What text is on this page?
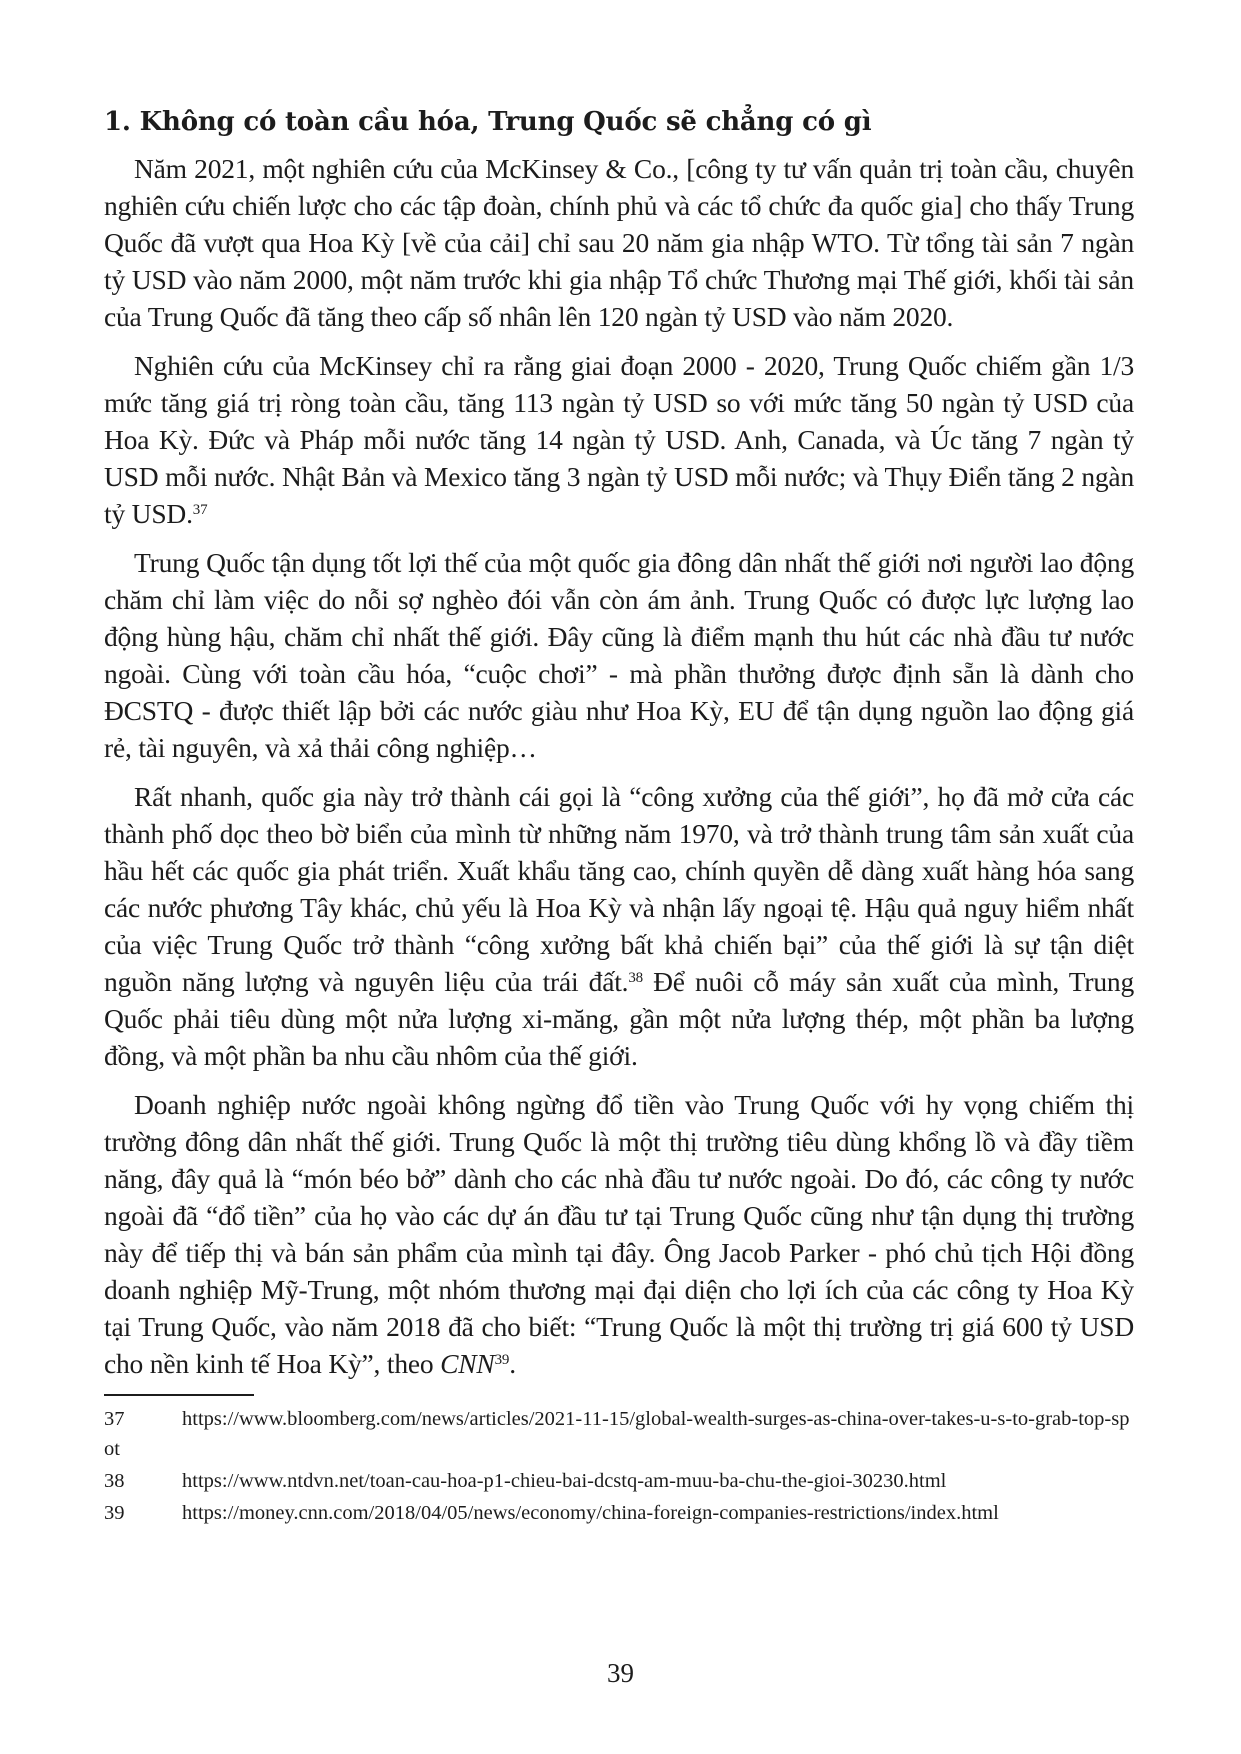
1. Không có toàn cầu hóa, Trung Quốc sẽ chẳng có gì

Năm 2021, một nghiên cứu của McKinsey & Co., [công ty tư vấn quản trị toàn cầu, chuyên nghiên cứu chiến lược cho các tập đoàn, chính phủ và các tổ chức đa quốc gia] cho thấy Trung Quốc đã vượt qua Hoa Kỳ [về của cải] chỉ sau 20 năm gia nhập WTO. Từ tổng tài sản 7 ngàn tỷ USD vào năm 2000, một năm trước khi gia nhập Tổ chức Thương mại Thế giới, khối tài sản của Trung Quốc đã tăng theo cấp số nhân lên 120 ngàn tỷ USD vào năm 2020.

Nghiên cứu của McKinsey chỉ ra rằng giai đoạn 2000 - 2020, Trung Quốc chiếm gần 1/3 mức tăng giá trị ròng toàn cầu, tăng 113 ngàn tỷ USD so với mức tăng 50 ngàn tỷ USD của Hoa Kỳ. Đức và Pháp mỗi nước tăng 14 ngàn tỷ USD. Anh, Canada, và Úc tăng 7 ngàn tỷ USD mỗi nước. Nhật Bản và Mexico tăng 3 ngàn tỷ USD mỗi nước; và Thụy Điển tăng 2 ngàn tỷ USD.$^{37}$

Trung Quốc tận dụng tốt lợi thế của một quốc gia đông dân nhất thế giới nơi người lao động chăm chỉ làm việc do nỗi sợ nghèo đói vẫn còn ám ảnh. Trung Quốc có được lực lượng lao động hùng hậu, chăm chỉ nhất thế giới. Đây cũng là điểm mạnh thu hút các nhà đầu tư nước ngoài. Cùng với toàn cầu hóa, “cuộc chơi” - mà phần thưởng được định sẵn là dành cho ĐCSTQ - được thiết lập bởi các nước giàu như Hoa Kỳ, EU để tận dụng nguồn lao động giá rẻ, tài nguyên, và xả thải công nghiệp…

Rất nhanh, quốc gia này trở thành cái gọi là “công xưởng của thế giới”, họ đã mở cửa các thành phố dọc theo bờ biển của mình từ những năm 1970, và trở thành trung tâm sản xuất của hầu hết các quốc gia phát triển. Xuất khẩu tăng cao, chính quyền dễ dàng xuất hàng hóa sang các nước phương Tây khác, chủ yếu là Hoa Kỳ và nhận lấy ngoại tệ. Hậu quả nguy hiểm nhất của việc Trung Quốc trở thành “công xưởng bất khả chiến bại” của thế giới là sự tận diệt nguồn năng lượng và nguyên liệu của trái đất.$^{38}$ Để nuôi cỗ máy sản xuất của mình, Trung Quốc phải tiêu dùng một nửa lượng xi-măng, gần một nửa lượng thép, một phần ba lượng đồng, và một phần ba nhu cầu nhôm của thế giới.

Doanh nghiệp nước ngoài không ngừng đổ tiền vào Trung Quốc với hy vọng chiếm thị trường đông dân nhất thế giới. Trung Quốc là một thị trường tiêu dùng khổng lồ và đầy tiềm năng, đây quả là “món béo bở” dành cho các nhà đầu tư nước ngoài. Do đó, các công ty nước ngoài đã “đổ tiền” của họ vào các dự án đầu tư tại Trung Quốc cũng như tận dụng thị trường này để tiếp thị và bán sản phẩm của mình tại đây. Ông Jacob Parker - phó chủ tịch Hội đồng doanh nghiệp Mỹ-Trung, một nhóm thương mại đại diện cho lợi ích của các công ty Hoa Kỳ tại Trung Quốc, vào năm 2018 đã cho biết: “Trung Quốc là một thị trường trị giá 600 tỷ USD cho nền kinh tế Hoa Kỳ”, theo CNN$^{39}$.

37	https://www.bloomberg.com/news/articles/2021-11-15/global-wealth-surges-as-china-over-takes-u-s-to-grab-top-spot
38	https://www.ntdvn.net/toan-cau-hoa-p1-chieu-bai-dcstq-am-muu-ba-chu-the-gioi-30230.html
39	https://money.cnn.com/2018/04/05/news/economy/china-foreign-companies-restrictions/index.html
39
